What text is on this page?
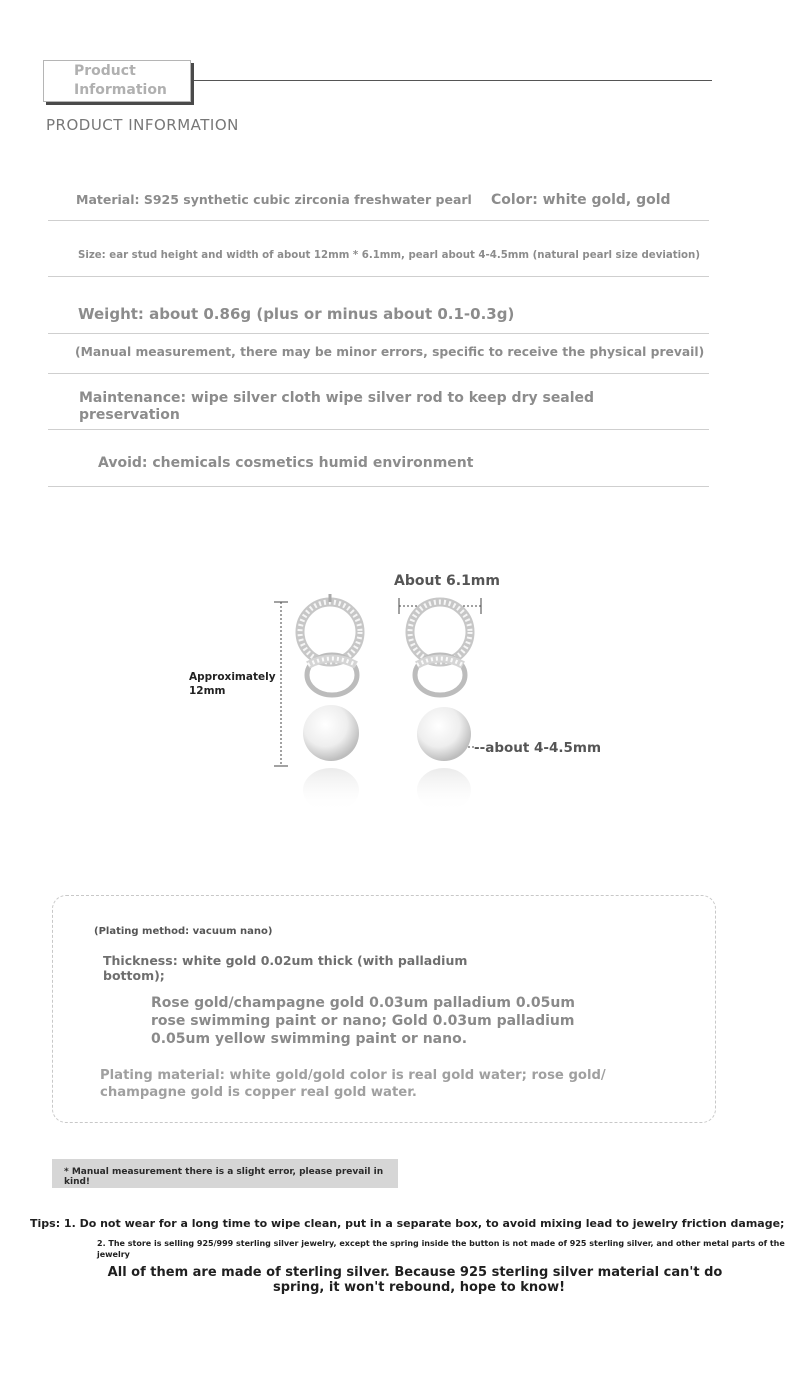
Product
Information
PRODUCT INFORMATION
Material: S925 synthetic cubic zirconia freshwater pearl Color: white gold, gold
Size: ear stud height and width of about 12mm * 6.1mm, pearl about 4-4.5mm (natural pearl size deviation)
Weight: about 0.86g (plus or minus about 0.1-0.3g)
(Manual measurement, there may be minor errors, specific to receive the physical prevail)
Maintenance: wipe silver cloth wipe silver rod to keep dry sealed
preservation
Avoid: chemicals cosmetics humid environment
About 6.1mm
Approximately
12mm
--about 4-4.5mm
(Plating method: vacuum nano)
Thickness: white gold 0.02um thick (with palladium
bottom);
Rose gold/champagne gold 0.03um palladium 0.05um
rose swimming paint or nano; Gold 0.03um palladium
0.05um yellow swimming paint or nano.
Plating material: white gold/gold color is real gold water; rose gold/
champagne gold is copper real gold water.
* Manual measurement there is a slight error, please prevail in kind!
Tips: 1. Do not wear for a long time to wipe clean, put in a separate box, to avoid mixing lead to jewelry friction damage;
2. The store is selling 925/999 sterling silver jewelry, except the spring inside the button is not made of 925 sterling silver, and other metal parts of the
jewelry
All of them are made of sterling silver. Because 925 sterling silver material can't do
spring, it won't rebound, hope to know!
